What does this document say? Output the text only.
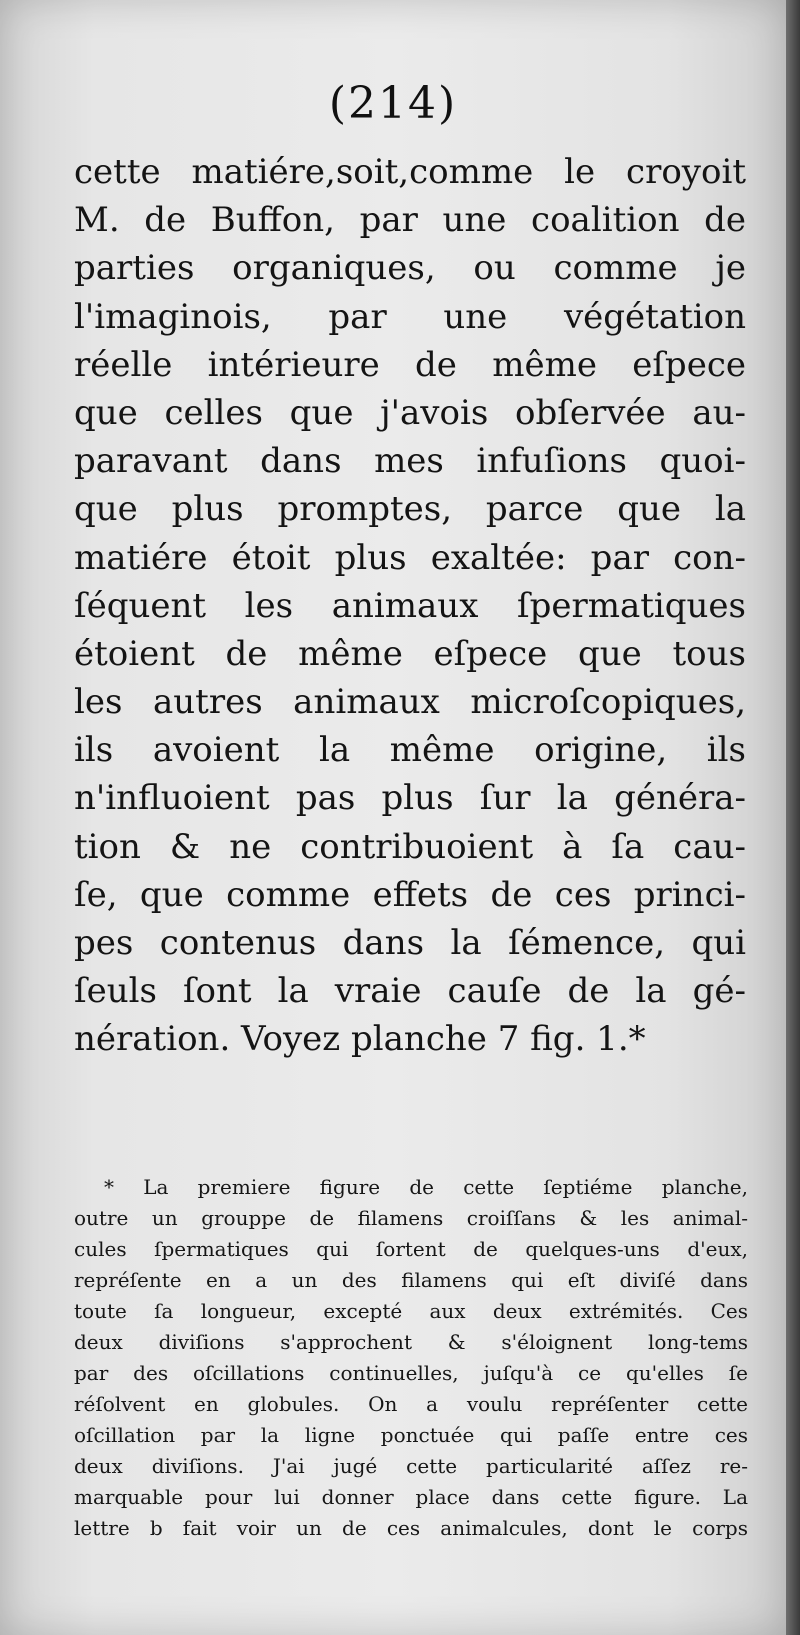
(214)
cette matiére,soit,comme le croyoit
M. de Buffon, par une coalition de
parties organiques, ou comme je
l'imaginois, par une végétation
réelle intérieure de même eſpece
que celles que j'avois obſervée au-
paravant dans mes infuſions quoi-
que plus promptes, parce que la
matiére étoit plus exaltée: par con-
ſéquent les animaux ſpermatiques
étoient de même eſpece que tous
les autres animaux microſcopiques,
ils avoient la même origine, ils
n'influoient pas plus ſur la généra-
tion & ne contribuoient à ſa cau-
ſe, que comme effets de ces princi-
pes contenus dans la ſémence, qui
ſeuls ſont la vraie cauſe de la gé-
nération. Voyez planche 7 fig. 1.*
* La premiere figure de cette ſeptiéme planche,
outre un grouppe de filamens croiſſans & les animal-
cules ſpermatiques qui ſortent de quelques-uns d'eux,
repréſente en a un des filamens qui eſt diviſé dans
toute ſa longueur, excepté aux deux extrémités. Ces
deux diviſions s'approchent & s'éloignent long-tems
par des oſcillations continuelles, juſqu'à ce qu'elles ſe
réſolvent en globules. On a voulu repréſenter cette
oſcillation par la ligne ponctuée qui paſſe entre ces
deux diviſions. J'ai jugé cette particularité aſſez re-
marquable pour lui donner place dans cette figure. La
lettre b fait voir un de ces animalcules, dont le corps
